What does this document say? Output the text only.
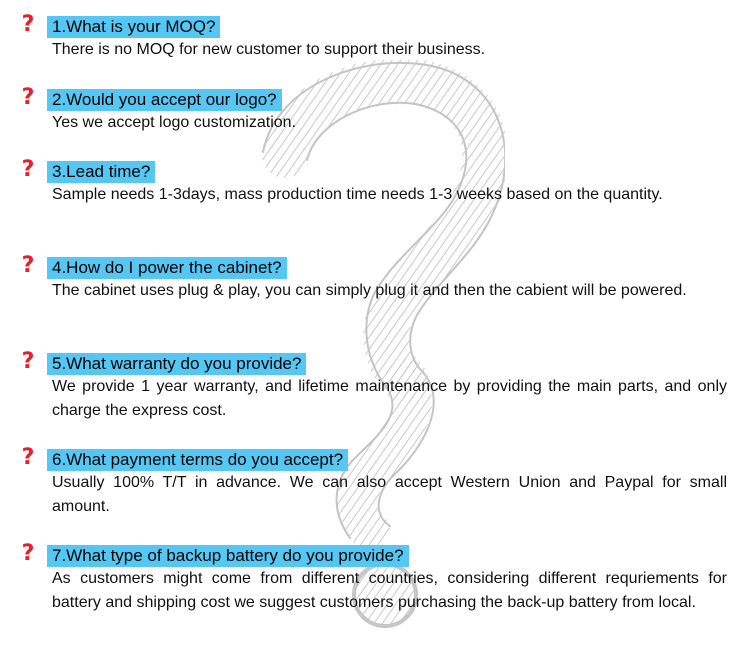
? 1.What is your MOQ?
There is no MOQ for new customer to support their business.
? 2.Would you accept our logo?
Yes we accept logo customization.
? 3.Lead time?
Sample needs 1-3days, mass production time needs 1-3 weeks based on the quantity.
? 4.How do I power the cabinet?
The cabinet uses plug & play, you can simply plug it and then the cabient will be powered.
? 5.What warranty do you provide?
We provide 1 year warranty, and lifetime maintenance by providing the main parts, and only charge the express cost.
? 6.What payment terms do you accept?
Usually 100% T/T in advance. We can also accept Western Union and Paypal for small amount.
? 7.What type of backup battery do you provide?
As customers might come from different countries, considering different requriements for battery and shipping cost we suggest customers purchasing the back-up battery from local.
